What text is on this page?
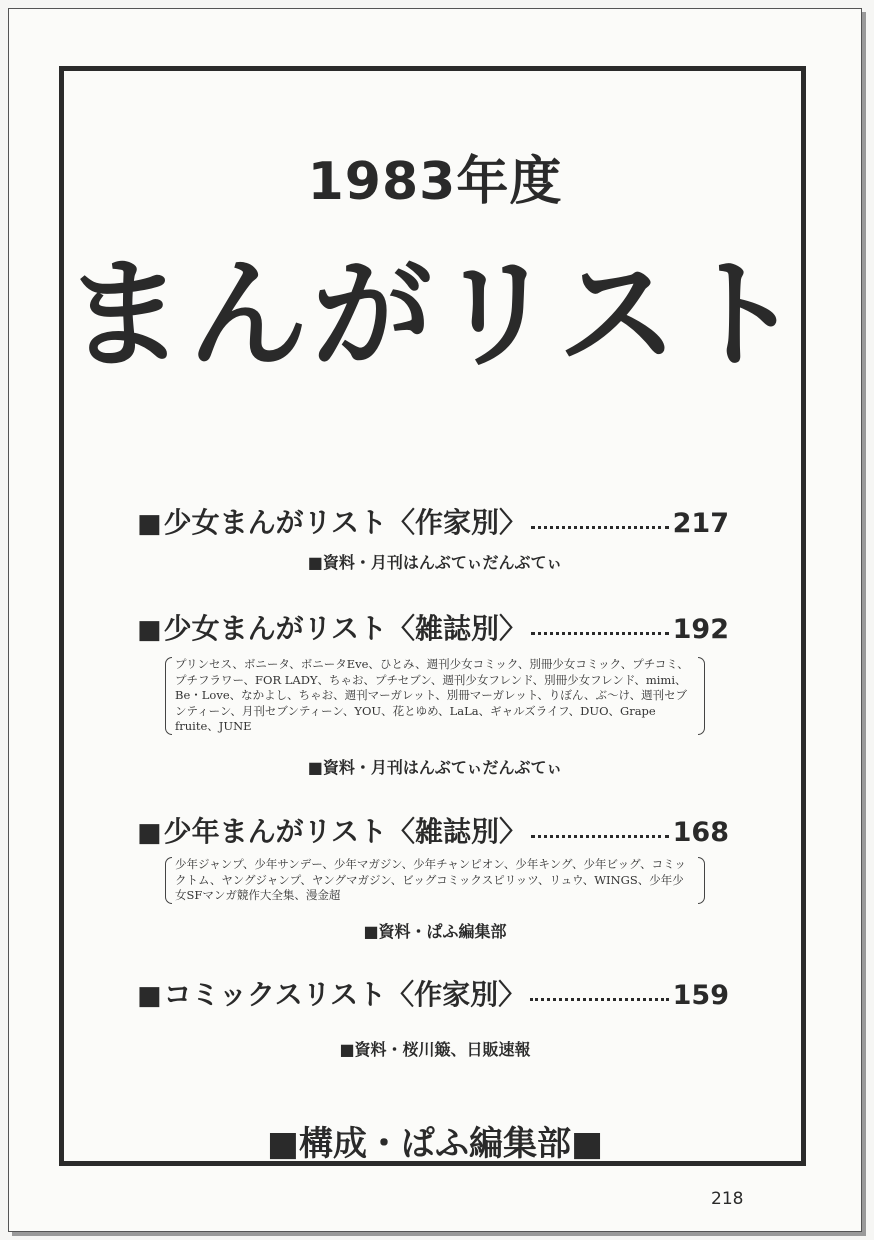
1983年度
まんがリスト
■ 少女まんがリスト〈作家別〉	217
■資料・月刊はんぶてぃだんぶてぃ
■ 少女まんがリスト〈雑誌別〉	192
プリンセス、ボニータ、ボニータEve、ひとみ、週刊少女コミック、別冊少女コミック、プチコミ、プチフラワー、FOR LADY、ちゃお、プチセブン、週刊少女フレンド、別冊少女フレンド、mimi、Be・Love、なかよし、ちゃお、週刊マーガレット、別冊マーガレット、りぼん、ぶ～け、週刊セブンティーン、月刊セブンティーン、YOU、花とゆめ、LaLa、ギャルズライフ、DUO、Grape fruite、JUNE
■資料・月刊はんぶてぃだんぶてぃ
■ 少年まんがリスト〈雑誌別〉	168
少年ジャンプ、少年サンデー、少年マガジン、少年チャンピオン、少年キング、少年ビッグ、コミックトム、ヤングジャンプ、ヤングマガジン、ビッグコミックスピリッツ、リュウ、WINGS、少年少女SFマンガ競作大全集、漫金超
■資料・ぱふ編集部
■ コミックスリスト〈作家別〉	159
■資料・桜川簸、日販速報
■構成・ぱふ編集部■
218
